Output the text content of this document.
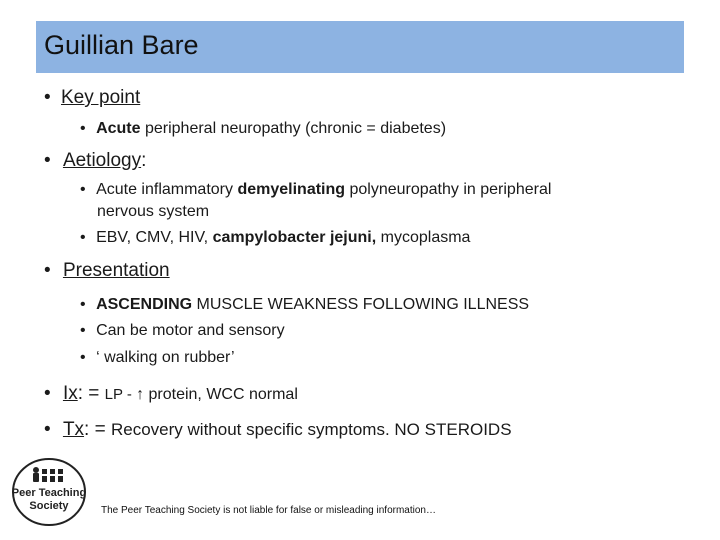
Guillian Bare
• Key point
• Acute peripheral neuropathy (chronic = diabetes)
• Aetiology:
• Acute inflammatory demyelinating polyneuropathy in peripheral
nervous system
• EBV, CMV, HIV, campylobacter jejuni, mycoplasma
• Presentation
• ASCENDING MUSCLE WEAKNESS FOLLOWING ILLNESS
• Can be motor and sensory
• ‘ walking on rubber’
• Ix: = LP - ↑ protein, WCC normal
• Tx: = Recovery without specific symptoms. NO STEROIDS
Peer Teaching
Society	The Peer Teaching Society is not liable for false or misleading information…
